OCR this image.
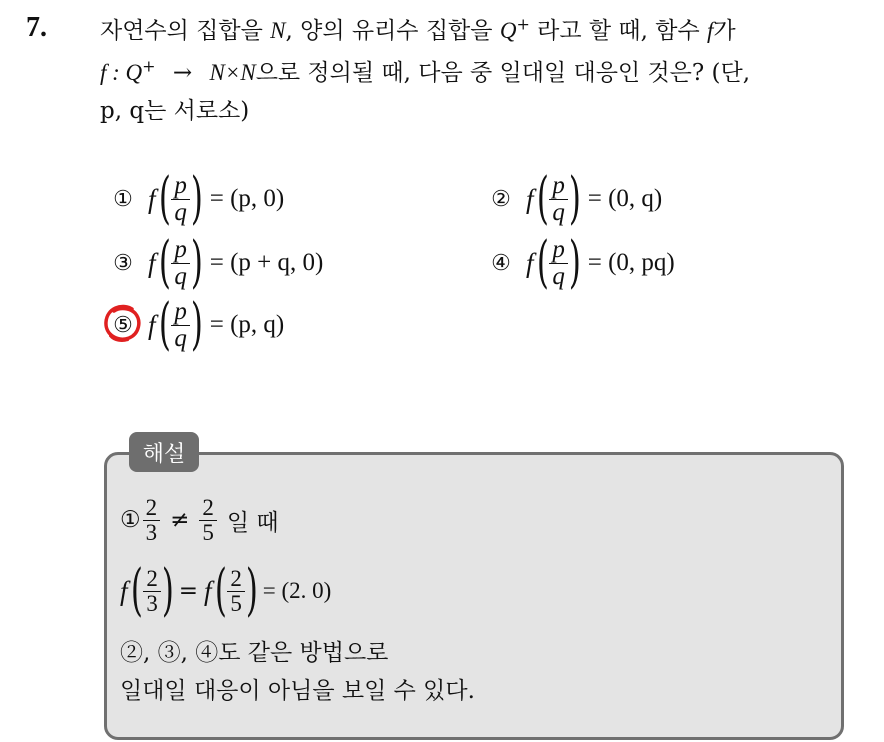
7. 자연수의 집합을 N, 양의 유리수 집합을 Q+ 라고 할 때, 함수 f가
f : Q+ → N×N으로 정의될 때, 다음 중 일대일 대응인 것은? (단,
p, q는 서로소)
① f ( $\frac{p}{q}$ ) = (p, 0)	② f ( $\frac{p}{q}$ ) = (0, q)
③ f ( $\frac{p}{q}$ ) = (p + q, 0)	④ f ( $\frac{p}{q}$ ) = (0, pq)
⑤ f ( $\frac{p}{q}$ ) = (p, q)
해설
① $\frac{2}{3} \ne \frac{2}{5}$ 일 때
f ( $\frac{2}{3}$ ) = f ( $\frac{2}{5}$ ) = (2. 0)
②, ③, ④도 같은 방법으로
일대일 대응이 아님을 보일 수 있다.
